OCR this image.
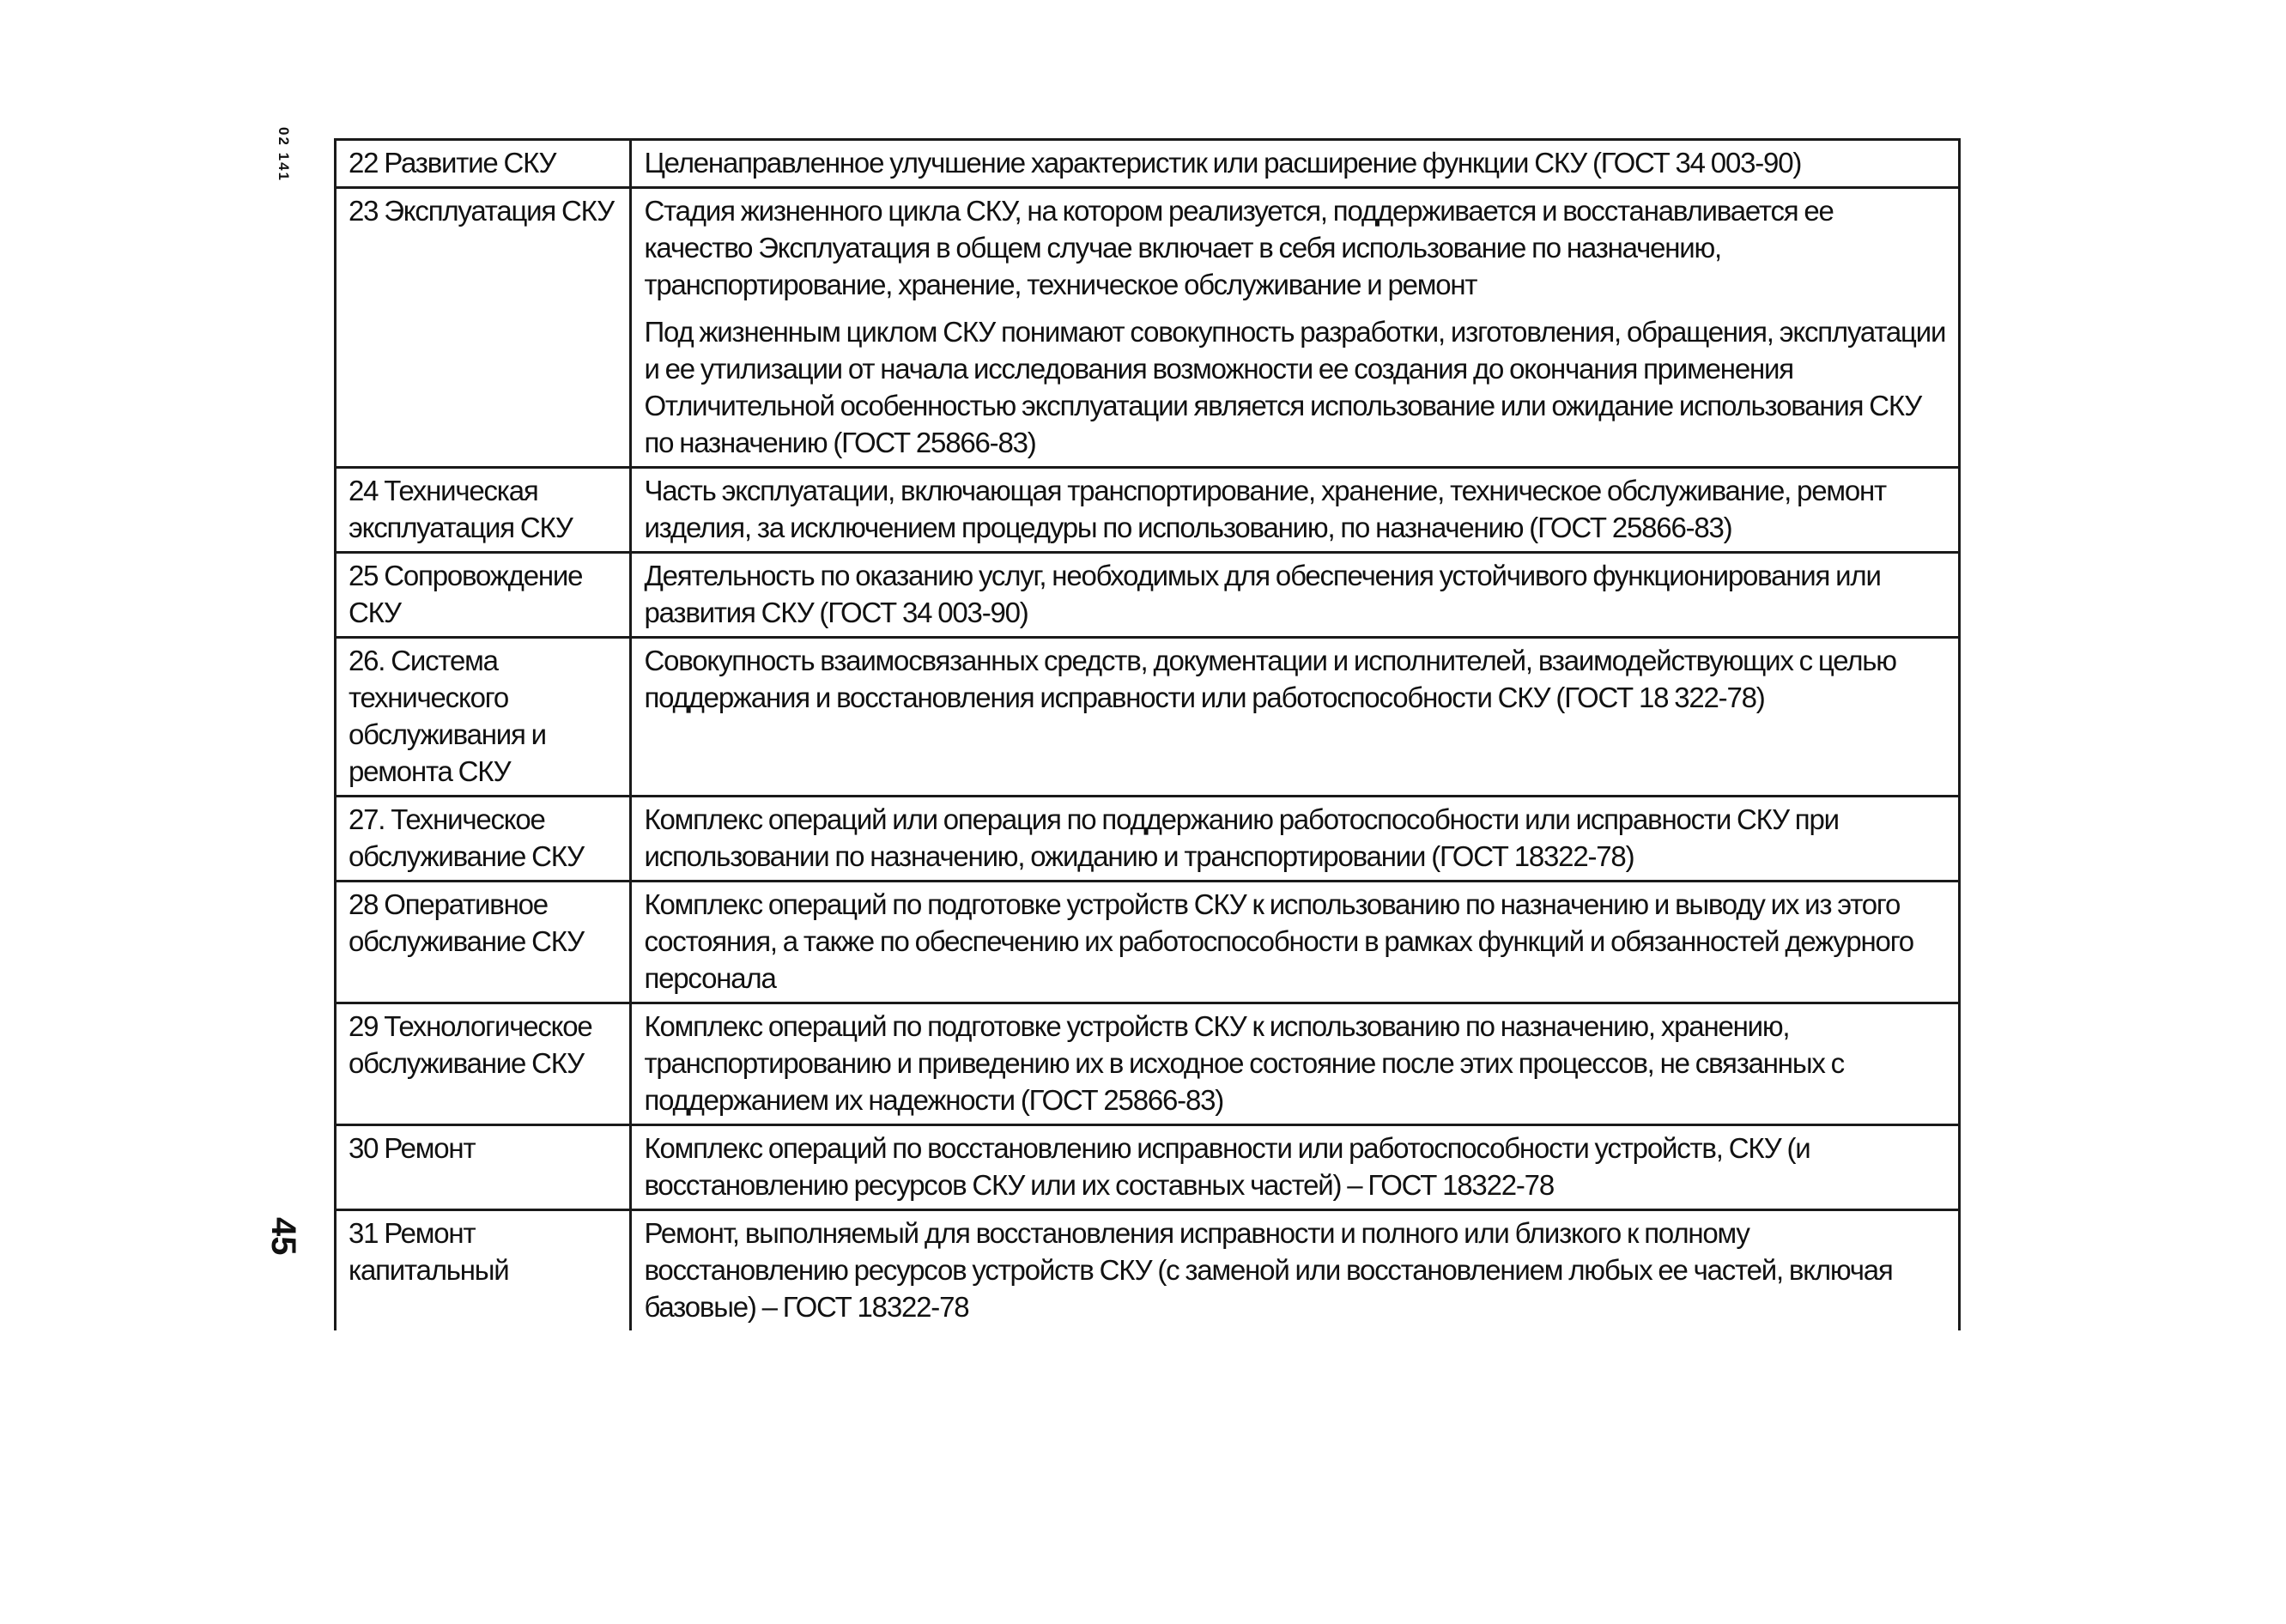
02 141
45
22 Развитие СКУ	Целенаправленное улучшение характеристик или расширение функции СКУ (ГОСТ 34 003-90)

23 Эксплуатация СКУ	Стадия жизненного цикла СКУ, на котором реализуется, поддерживается и восстанавливается ее качество Эксплуатация в общем случае включает в себя использование по назначению, транспортирование, хранение, техническое обслуживание и ремонт
Под жизненным циклом СКУ понимают совокупность разработки, изготовления, обращения, эксплуатации и ее утилизации от начала исследования возможности ее создания до окончания применения Отличительной особенностью эксплуатации является использование или ожидание использования СКУ по назначению (ГОСТ 25866-83)

24 Техническая эксплуатация СКУ	Часть эксплуатации, включающая транспортирование, хранение, техническое обслуживание, ремонт изделия, за исключением процедуры по использованию, по назначению (ГОСТ 25866-83)

25 Сопровождение СКУ	Деятельность по оказанию услуг, необходимых для обеспечения устойчивого функционирования или развития СКУ (ГОСТ 34 003-90)

26. Система технического обслуживания и ремонта СКУ	Совокупность взаимосвязанных средств, документации и исполнителей, взаимодействующих с целью поддержания и восстановления исправности или работоспособности СКУ (ГОСТ 18 322-78)

27. Техническое обслуживание СКУ	Комплекс операций или операция по поддержанию работоспособности или исправности СКУ при использовании по назначению, ожиданию и транспортировании (ГОСТ 18322-78)

28 Оперативное обслуживание СКУ	Комплекс операций по подготовке устройств СКУ к использованию по назначению и выводу их из этого состояния, а также по обеспечению их работоспособности в рамках функций и обязанностей дежурного персонала

29 Технологическое обслуживание СКУ	Комплекс операций по подготовке устройств СКУ к использованию по назначению, хранению, транспортированию и приведению их в исходное состояние после этих процессов, не связанных с поддержанием их надежности (ГОСТ 25866-83)

30 Ремонт	Комплекс операций по восстановлению исправности или работоспособности устройств, СКУ (и восстановлению ресурсов СКУ или их составных частей) – ГОСТ 18322-78

31 Ремонт капитальный	Ремонт, выполняемый для восстановления исправности и полного или близкого к полному восстановлению ресурсов устройств СКУ (с заменой или восстановлением любых ее частей, включая базовые) – ГОСТ 18322-78
